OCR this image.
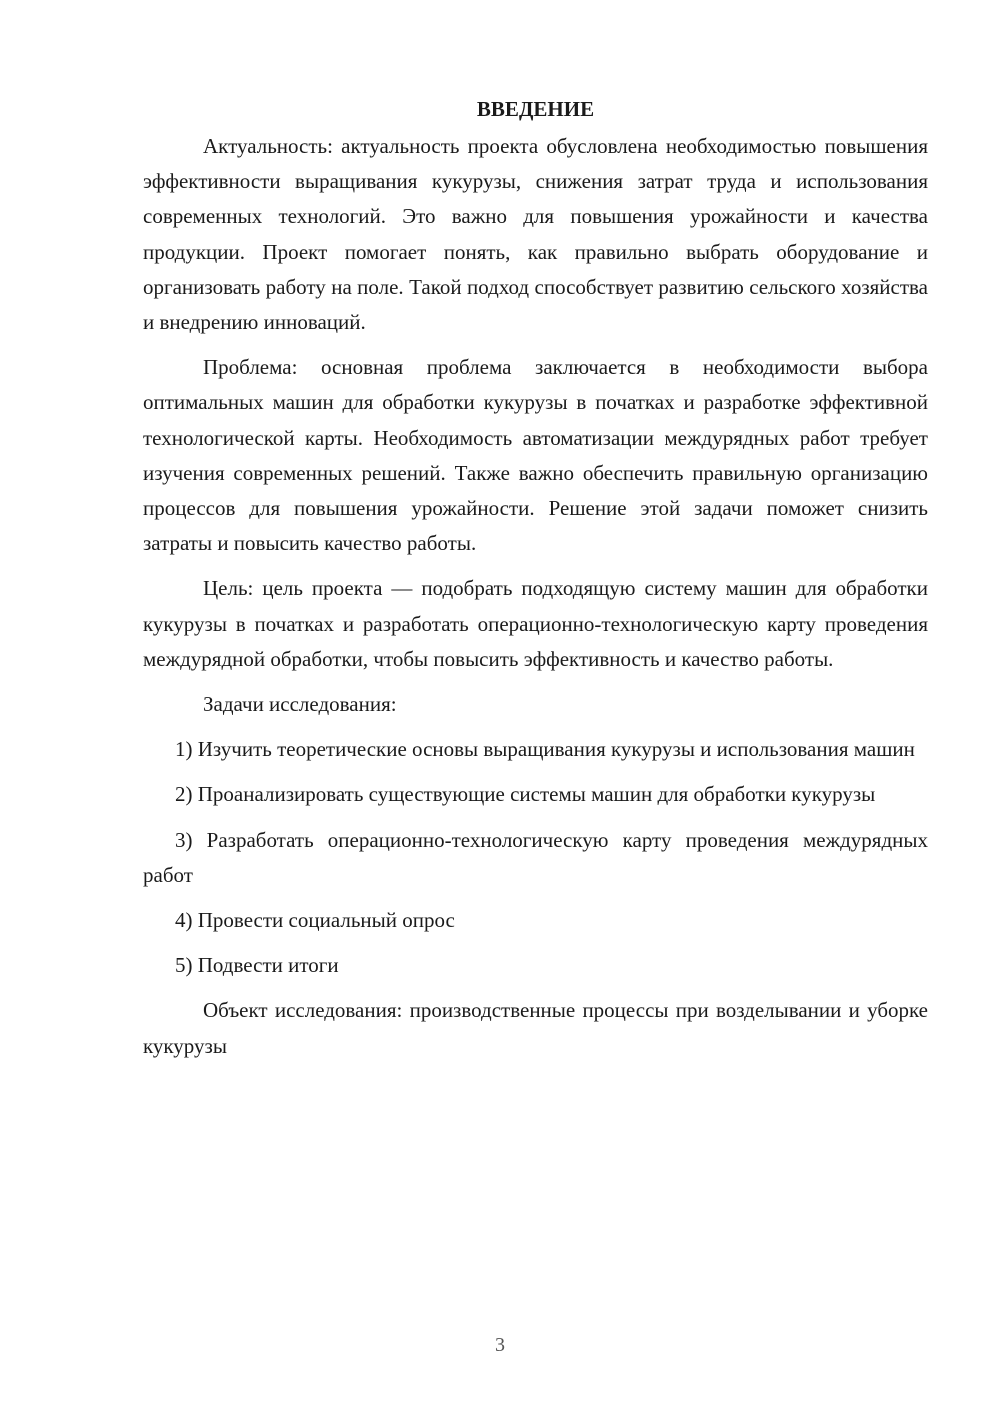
ВВЕДЕНИЕ

Актуальность: актуальность проекта обусловлена необходимостью повышения эффективности выращивания кукурузы, снижения затрат труда и использования современных технологий. Это важно для повышения урожайности и качества продукции. Проект помогает понять, как правильно выбрать оборудование и организовать работу на поле. Такой подход способствует развитию сельского хозяйства и внедрению инноваций.

Проблема: основная проблема заключается в необходимости выбора оптимальных машин для обработки кукурузы в початках и разработке эффективной технологической карты. Необходимость автоматизации междурядных работ требует изучения современных решений. Также важно обеспечить правильную организацию процессов для повышения урожайности. Решение этой задачи поможет снизить затраты и повысить качество работы.

Цель: цель проекта — подобрать подходящую систему машин для обработки кукурузы в початках и разработать операционно-технологическую карту проведения междурядной обработки, чтобы повысить эффективность и качество работы.

Задачи исследования:

1) Изучить теоретические основы выращивания кукурузы и использования машин

2) Проанализировать существующие системы машин для обработки кукурузы

3) Разработать операционно-технологическую карту проведения междурядных работ

4) Провести социальный опрос

5) Подвести итоги

Объект исследования: производственные процессы при возделывании и уборке кукурузы

3
